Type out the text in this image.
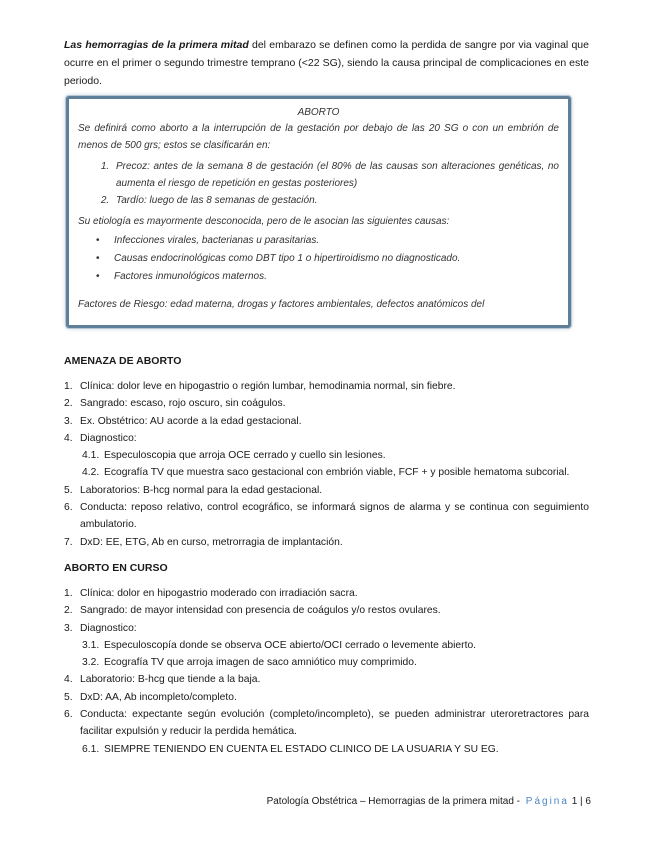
Las hemorragias de la primera mitad del embarazo se definen como la perdida de sangre por via vaginal que ocurre en el primer o segundo trimestre temprano (<22 SG), siendo la causa principal de complicaciones en este periodo.

ABORTO

Se definirá como aborto a la interrupción de la gestación por debajo de las 20 SG o con un embrión de menos de 500 grs; estos se clasificarán en:

1. Precoz: antes de la semana 8 de gestación (el 80% de las causas son alteraciones genéticas, no aumenta el riesgo de repetición en gestas posteriores)
2. Tardío: luego de las 8 semanas de gestación.

Su etiología es mayormente desconocida, pero de le asocian las siguientes causas:

• Infecciones virales, bacterianas u parasitarias.
• Causas endocrinológicas como DBT tipo 1 o hipertiroidismo no diagnosticado.
• Factores inmunológicos maternos.

Factores de Riesgo: edad materna, drogas y factores ambientales, defectos anatómicos del

AMENAZA DE ABORTO
1. Clínica: dolor leve en hipogastrio o región lumbar, hemodinamia normal, sin fiebre.
2. Sangrado: escaso, rojo oscuro, sin coágulos.
3. Ex. Obstétrico: AU acorde a la edad gestacional.
4. Diagnostico:
4.1. Especuloscopia que arroja OCE cerrado y cuello sin lesiones.
4.2. Ecografía TV que muestra saco gestacional con embrión viable, FCF + y posible hematoma subcorial.
5. Laboratorios: B-hcg normal para la edad gestacional.
6. Conducta: reposo relativo, control ecográfico, se informará signos de alarma y se continua con seguimiento ambulatorio.
7. DxD: EE, ETG, Ab en curso, metrorragia de implantación.
ABORTO EN CURSO
1. Clínica: dolor en hipogastrio moderado con irradiación sacra.
2. Sangrado: de mayor intensidad con presencia de coágulos y/o restos ovulares.
3. Diagnostico:
3.1. Especuloscopía donde se observa OCE abierto/OCI cerrado o levemente abierto.
3.2. Ecografía TV que arroja imagen de saco amniótico muy comprimido.
4. Laboratorio: B-hcg que tiende a la baja.
5. DxD: AA, Ab incompleto/completo.
6. Conducta: expectante según evolución (completo/incompleto), se pueden administrar uteroretractores para facilitar expulsión y reducir la perdida hemática.
6.1. SIEMPRE TENIENDO EN CUENTA EL ESTADO CLINICO DE LA USUARIA Y SU EG.
Patología Obstétrica – Hemorragias de la primera mitad - Página 1 | 6
